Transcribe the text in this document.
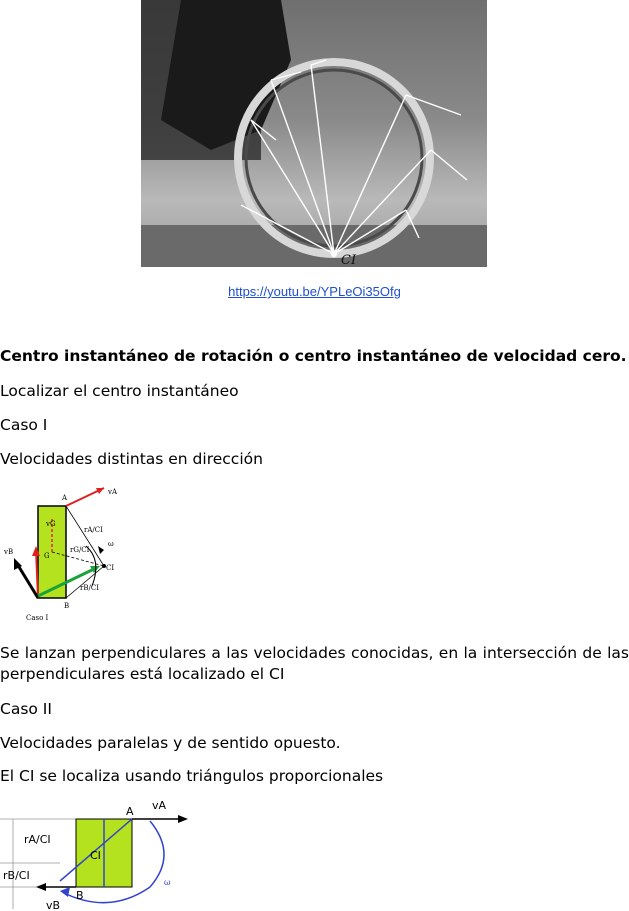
CI
https://youtu.be/YPLeOi35Ofg
Centro instantáneo de rotación o centro instantáneo de velocidad cero.
Localizar el centro instantáneo
Caso I
Velocidades distintas en dirección
A
vA
vG
G
rA/CI
rG/CI
ω
CI
vB
rB/CI
B
Caso I
Se lanzan perpendiculares a las velocidades conocidas, en la intersección de las perpendiculares está localizado el CI
Caso II
Velocidades paralelas y de sentido opuesto.
El CI se localiza usando triángulos proporcionales
A vA
rA/CI
CI
rB/CI
B
vB
ω
